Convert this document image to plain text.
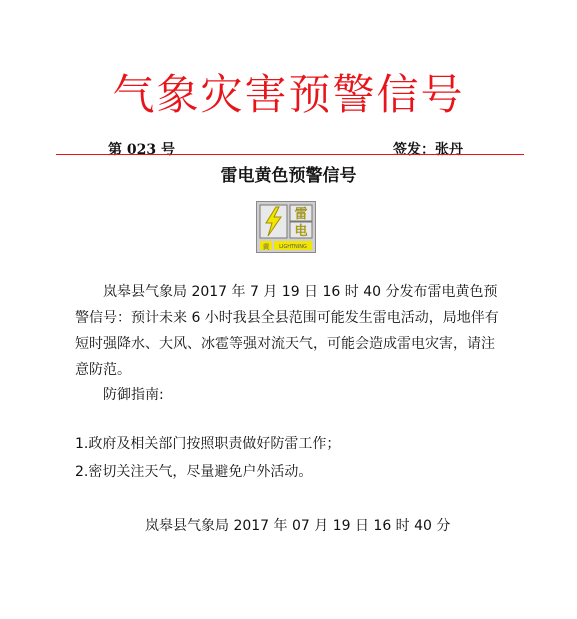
气象灾害预警信号
第 023 号	签发：张丹
雷电黄色预警信号
雷
电
黄 LIGHTNING

岚皋县气象局 2017 年 7 月 19 日 16 时 40 分发布雷电黄色预警信号：预计未来 6 小时我县全县范围可能发生雷电活动，局地伴有短时强降水、大风、冰雹等强对流天气，可能会造成雷电灾害，请注意防范。

防御指南:
1.政府及相关部门按照职责做好防雷工作；
2.密切关注天气，尽量避免户外活动。
岚皋县气象局 2017 年 07 月 19 日 16 时 40 分
